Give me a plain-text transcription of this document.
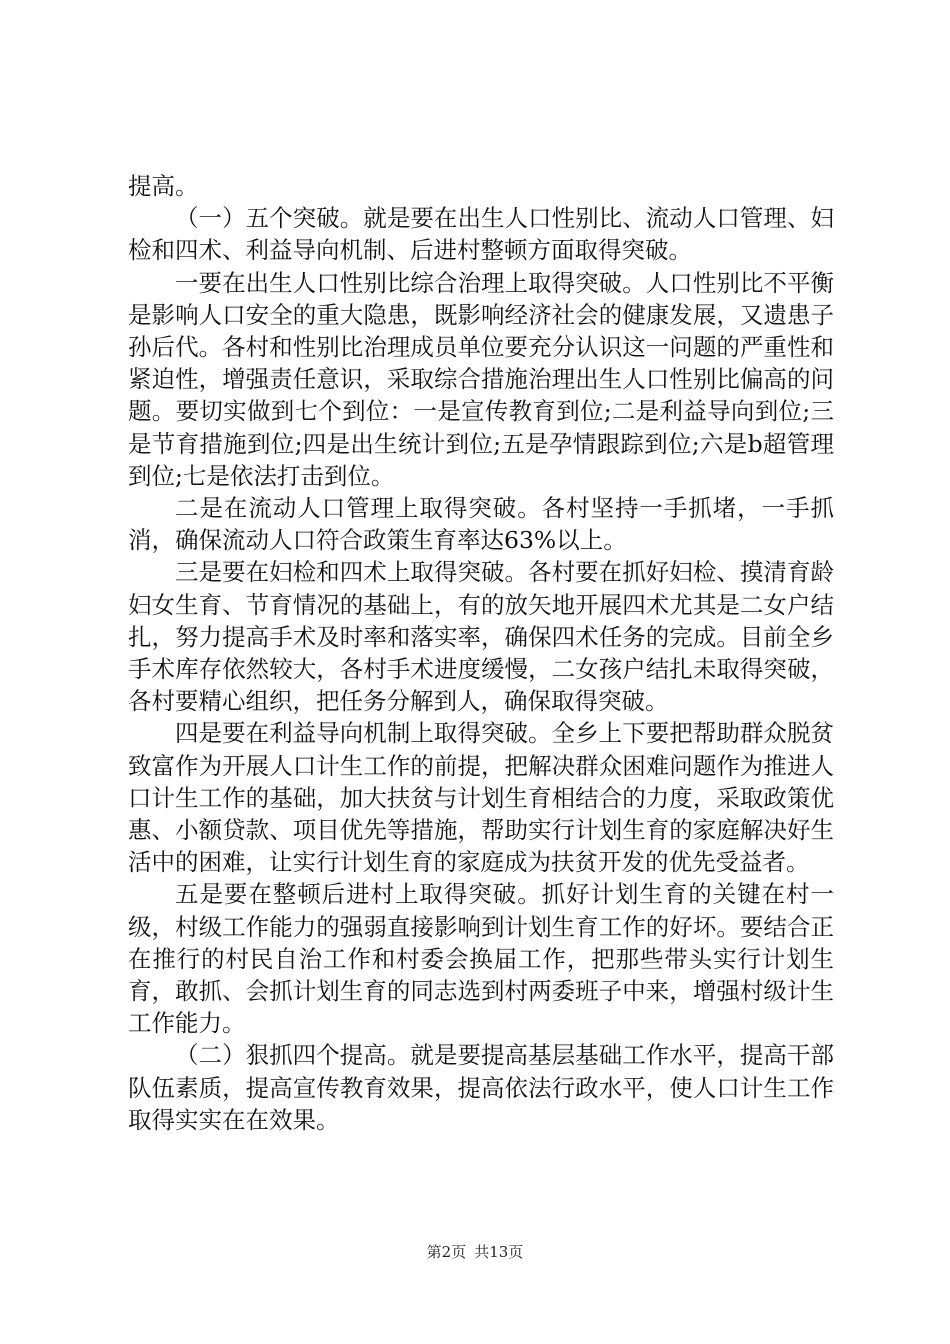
提高。

（一）五个突破。就是要在出生人口性别比、流动人口管理、妇检和四术、利益导向机制、后进村整顿方面取得突破。

一要在出生人口性别比综合治理上取得突破。人口性别比不平衡是影响人口安全的重大隐患，既影响经济社会的健康发展，又遗患子孙后代。各村和性别比治理成员单位要充分认识这一问题的严重性和紧迫性，增强责任意识，采取综合措施治理出生人口性别比偏高的问题。要切实做到七个到位：一是宣传教育到位;二是利益导向到位;三是节育措施到位;四是出生统计到位;五是孕情跟踪到位;六是b超管理到位;七是依法打击到位。

二是在流动人口管理上取得突破。各村坚持一手抓堵，一手抓消，确保流动人口符合政策生育率达63%以上。

三是要在妇检和四术上取得突破。各村要在抓好妇检、摸清育龄妇女生育、节育情况的基础上，有的放矢地开展四术尤其是二女户结扎，努力提高手术及时率和落实率，确保四术任务的完成。目前全乡手术库存依然较大，各村手术进度缓慢，二女孩户结扎未取得突破，各村要精心组织，把任务分解到人，确保取得突破。

四是要在利益导向机制上取得突破。全乡上下要把帮助群众脱贫致富作为开展人口计生工作的前提，把解决群众困难问题作为推进人口计生工作的基础，加大扶贫与计划生育相结合的力度，采取政策优惠、小额贷款、项目优先等措施，帮助实行计划生育的家庭解决好生活中的困难，让实行计划生育的家庭成为扶贫开发的优先受益者。

五是要在整顿后进村上取得突破。抓好计划生育的关键在村一级，村级工作能力的强弱直接影响到计划生育工作的好坏。要结合正在推行的村民自治工作和村委会换届工作，把那些带头实行计划生育，敢抓、会抓计划生育的同志选到村两委班子中来，增强村级计生工作能力。

（二）狠抓四个提高。就是要提高基层基础工作水平，提高干部队伍素质，提高宣传教育效果，提高依法行政水平，使人口计生工作取得实实在在效果。

第2页 共13页
